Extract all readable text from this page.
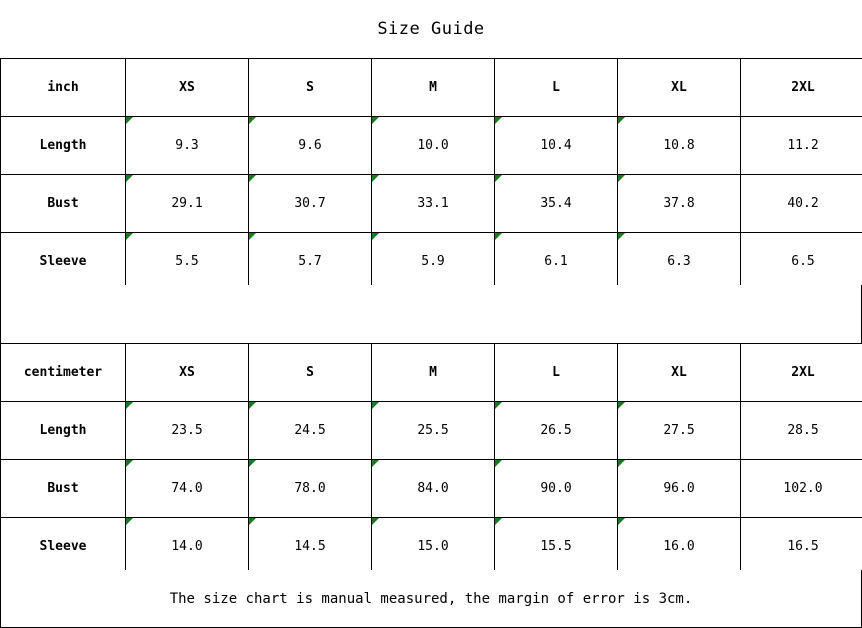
Size Guide
inch	XS	S	M	L	XL	2XL
Length	9.3	9.6	10.0	10.4	10.8	11.2
Bust	29.1	30.7	33.1	35.4	37.8	40.2
Sleeve	5.5	5.7	5.9	6.1	6.3	6.5
centimeter	XS	S	M	L	XL	2XL
Length	23.5	24.5	25.5	26.5	27.5	28.5
Bust	74.0	78.0	84.0	90.0	96.0	102.0
Sleeve	14.0	14.5	15.0	15.5	16.0	16.5
The size chart is manual measured, the margin of error is 3cm.
